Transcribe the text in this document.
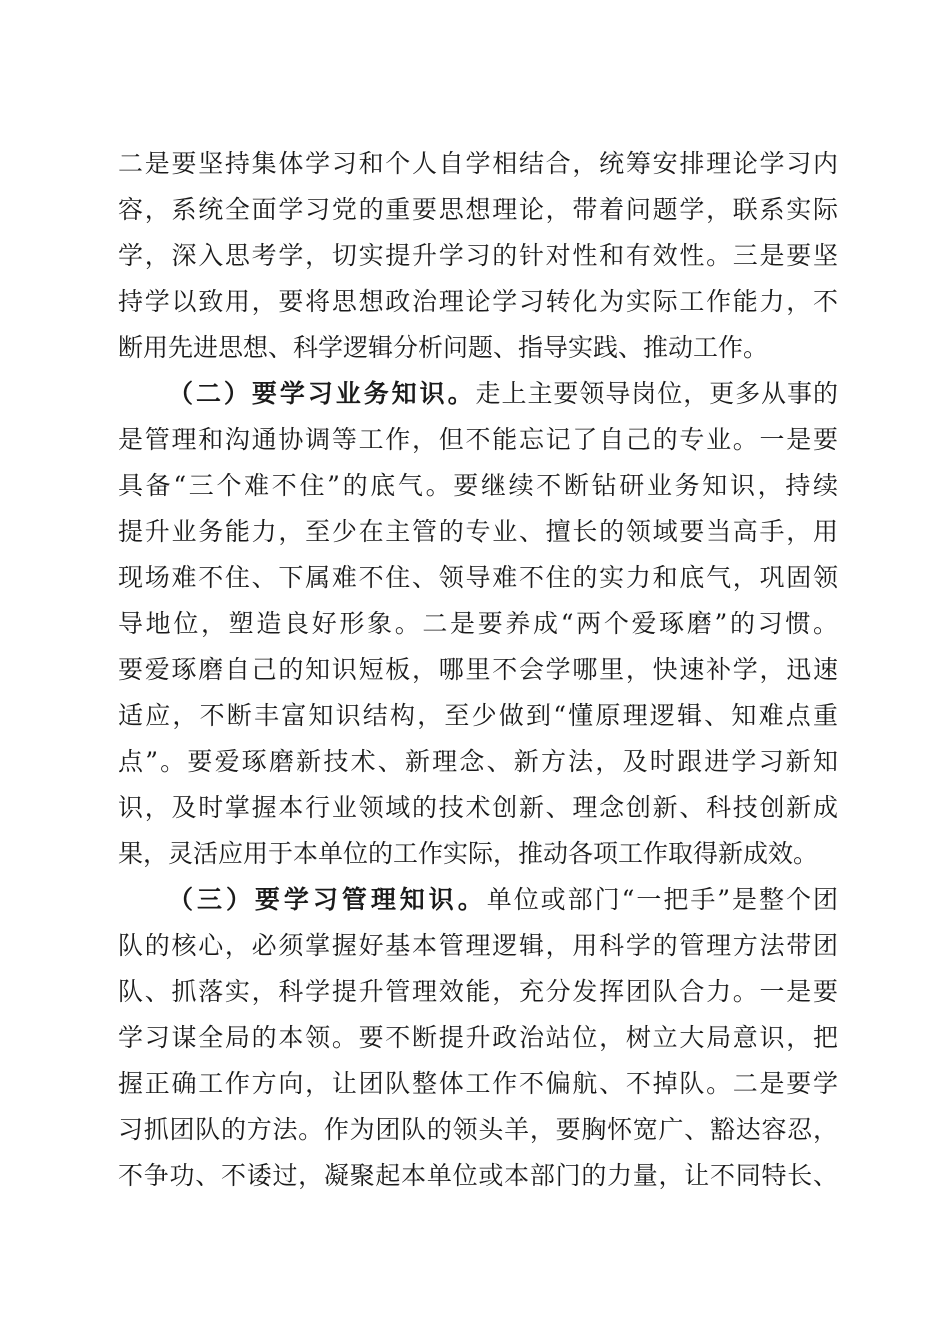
二是要坚持集体学习和个人自学相结合，统筹安排理论学习内
容，系统全面学习党的重要思想理论，带着问题学，联系实际
学，深入思考学，切实提升学习的针对性和有效性。三是要坚
持学以致用，要将思想政治理论学习转化为实际工作能力，不
断用先进思想、科学逻辑分析问题、指导实践、推动工作。
（二）要学习业务知识。走上主要领导岗位，更多从事的
是管理和沟通协调等工作，但不能忘记了自己的专业。一是要
具备“三个难不住”的底气。要继续不断钻研业务知识，持续
提升业务能力，至少在主管的专业、擅长的领域要当高手，用
现场难不住、下属难不住、领导难不住的实力和底气，巩固领
导地位，塑造良好形象。二是要养成“两个爱琢磨”的习惯。
要爱琢磨自己的知识短板，哪里不会学哪里，快速补学，迅速
适应，不断丰富知识结构，至少做到“懂原理逻辑、知难点重
点”。要爱琢磨新技术、新理念、新方法，及时跟进学习新知
识，及时掌握本行业领域的技术创新、理念创新、科技创新成
果，灵活应用于本单位的工作实际，推动各项工作取得新成效。
（三）要学习管理知识。单位或部门“一把手”是整个团
队的核心，必须掌握好基本管理逻辑，用科学的管理方法带团
队、抓落实，科学提升管理效能，充分发挥团队合力。一是要
学习谋全局的本领。要不断提升政治站位，树立大局意识，把
握正确工作方向，让团队整体工作不偏航、不掉队。二是要学
习抓团队的方法。作为团队的领头羊，要胸怀宽广、豁达容忍，
不争功、不诿过，凝聚起本单位或本部门的力量，让不同特长、
